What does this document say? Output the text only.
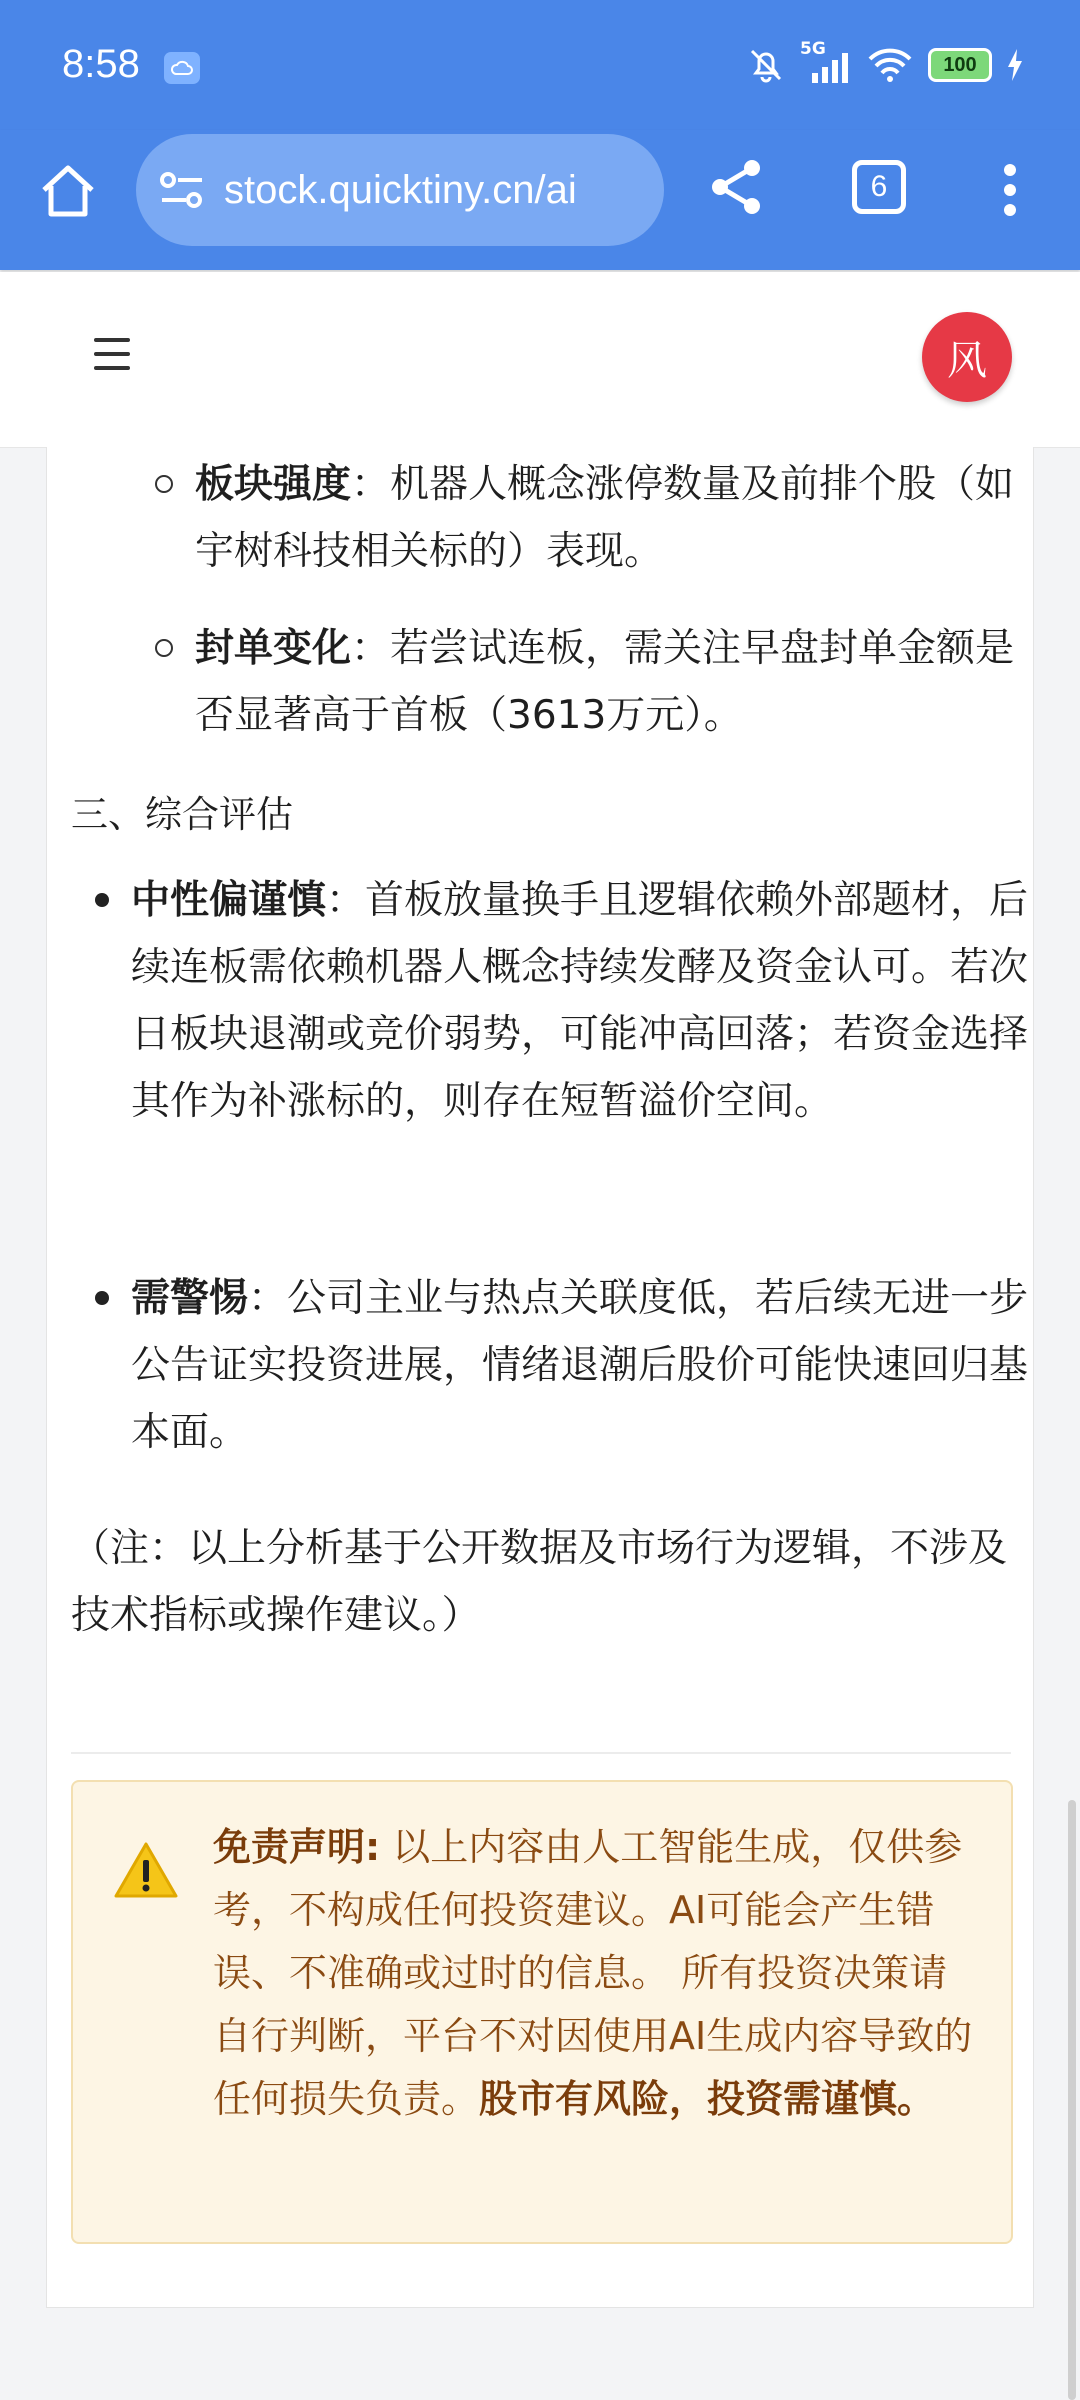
8:58	5G
100
stock.quicktiny.cn/ai	6
风
板块强度：机器人概念涨停数量及前排个股（如宇树科技相关标的）表现。
封单变化：若尝试连板，需关注早盘封单金额是否显著高于首板（3613万元）。
三、综合评估
中性偏谨慎：首板放量换手且逻辑依赖外部题材，后续连板需依赖机器人概念持续发酵及资金认可。若次日板块退潮或竞价弱势，可能冲高回落；若资金选择其作为补涨标的，则存在短暂溢价空间。
需警惕：公司主业与热点关联度低，若后续无进一步公告证实投资进展，情绪退潮后股价可能快速回归基本面。
（注：以上分析基于公开数据及市场行为逻辑，不涉及技术指标或操作建议。）
免责声明: 以上内容由人工智能生成，仅供参考，不构成任何投资建议。AI可能会产生错误、不准确或过时的信息。 所有投资决策请自行判断，平台不对因使用AI生成内容导致的任何损失负责。股市有风险，投资需谨慎。
